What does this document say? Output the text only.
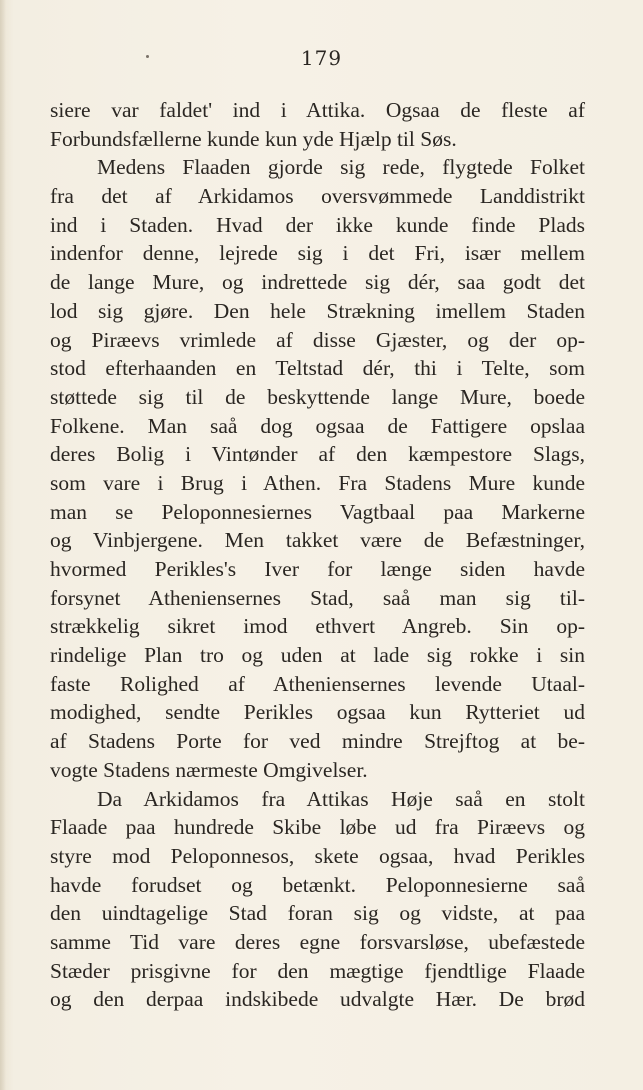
179
siere var faldet' ind i Attika. Ogsaa de fleste af
Forbundsfællerne kunde kun yde Hjælp til Søs.
Medens Flaaden gjorde sig rede, flygtede Folket
fra det af Arkidamos oversvømmede Landdistrikt
ind i Staden. Hvad der ikke kunde finde Plads
indenfor denne, lejrede sig i det Fri, især mellem
de lange Mure, og indrettede sig dér, saa godt det
lod sig gjøre. Den hele Strækning imellem Staden
og Piræevs vrimlede af disse Gjæster, og der op-
stod efterhaanden en Teltstad dér, thi i Telte, som
støttede sig til de beskyttende lange Mure, boede
Folkene. Man saå dog ogsaa de Fattigere opslaa
deres Bolig i Vintønder af den kæmpestore Slags,
som vare i Brug i Athen. Fra Stadens Mure kunde
man se Peloponnesiernes Vagtbaal paa Markerne
og Vinbjergene. Men takket være de Befæstninger,
hvormed Perikles's Iver for længe siden havde
forsynet Atheniensernes Stad, saå man sig til-
strækkelig sikret imod ethvert Angreb. Sin op-
rindelige Plan tro og uden at lade sig rokke i sin
faste Rolighed af Atheniensernes levende Utaal-
modighed, sendte Perikles ogsaa kun Rytteriet ud
af Stadens Porte for ved mindre Strejftog at be-
vogte Stadens nærmeste Omgivelser.
Da Arkidamos fra Attikas Høje saå en stolt
Flaade paa hundrede Skibe løbe ud fra Piræevs og
styre mod Peloponnesos, skete ogsaa, hvad Perikles
havde forudset og betænkt. Peloponnesierne saå
den uindtagelige Stad foran sig og vidste, at paa
samme Tid vare deres egne forsvarsløse, ubefæstede
Stæder prisgivne for den mægtige fjendtlige Flaade
og den derpaa indskibede udvalgte Hær. De brød
